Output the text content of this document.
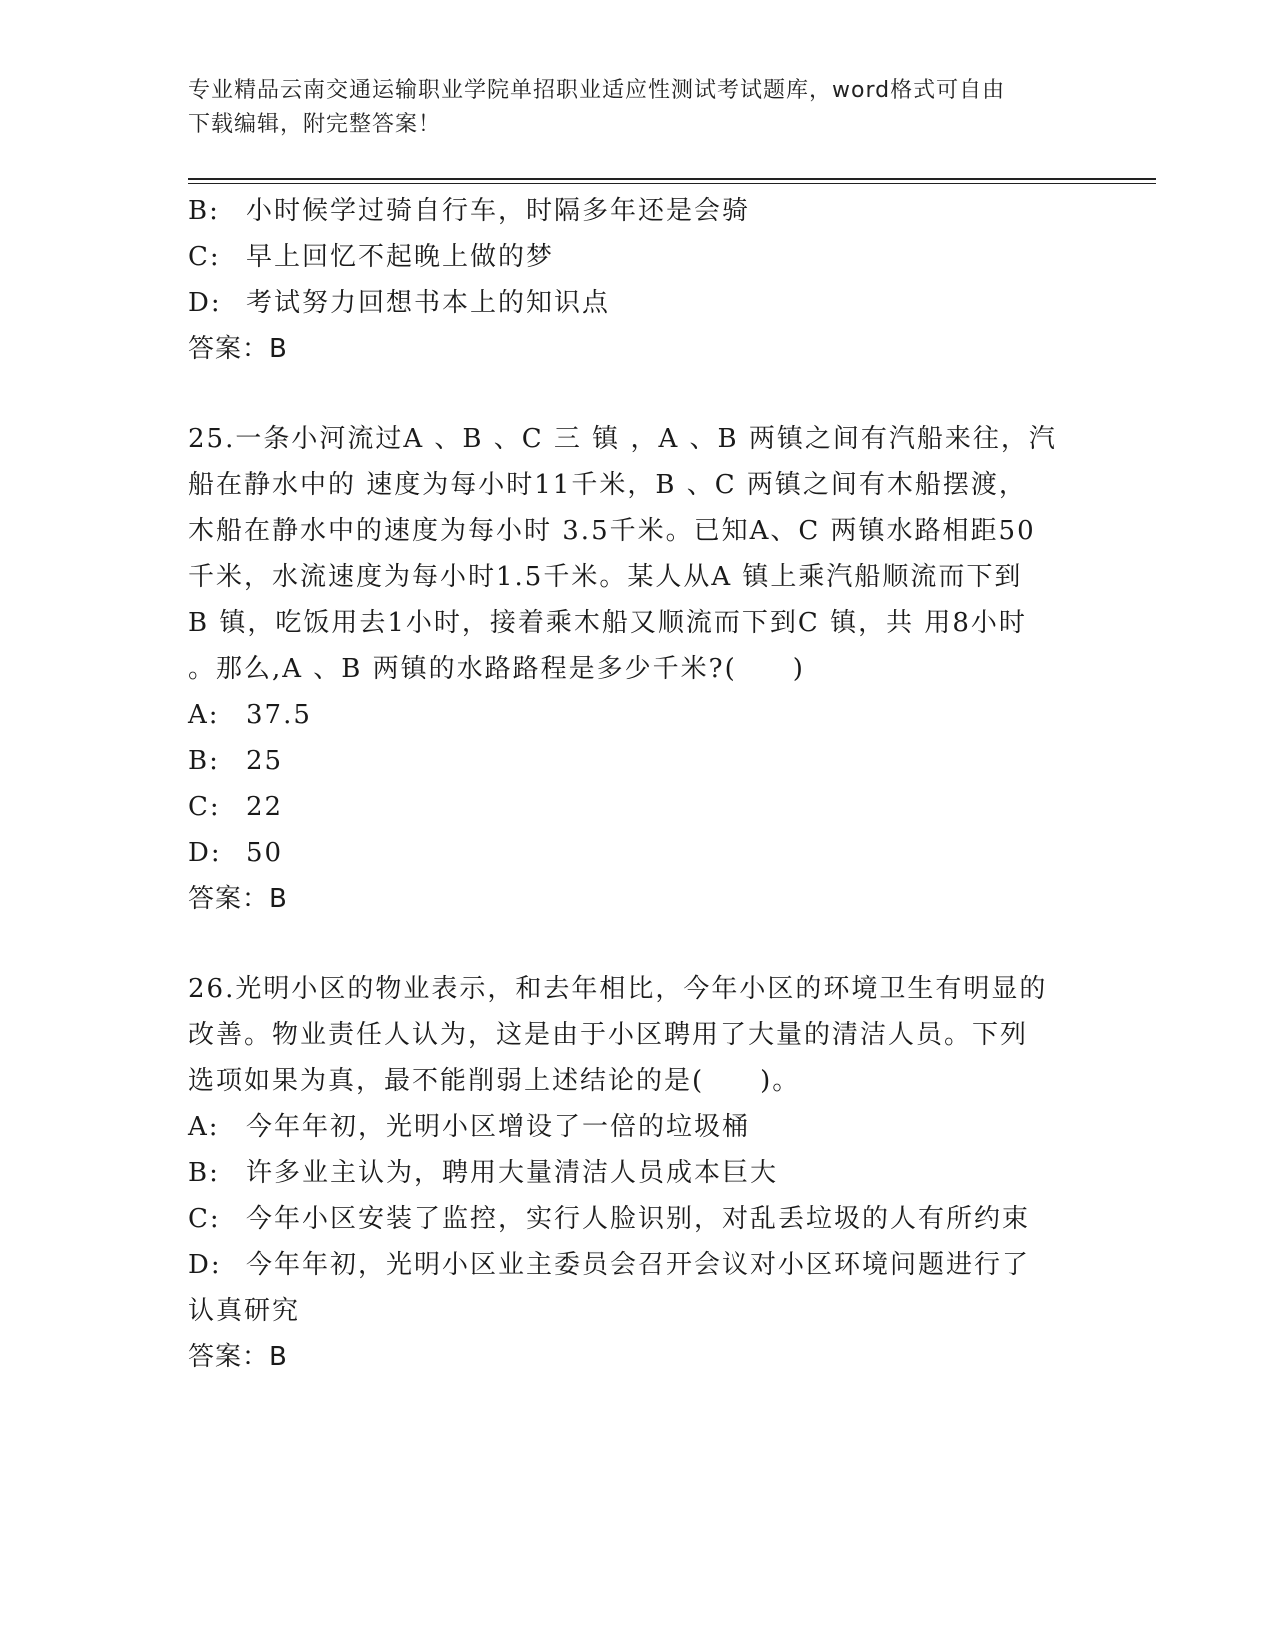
专业精品云南交通运输职业学院单招职业适应性测试考试题库，word格式可自由
下载编辑，附完整答案！
B: 小时候学过骑自行车，时隔多年还是会骑
C: 早上回忆不起晚上做的梦
D: 考试努力回想书本上的知识点
答案：B
25.一条小河流过A 、B 、C 三 镇 ，A 、B 两镇之间有汽船来往，汽
船在静水中的 速度为每小时11千米，B 、C 两镇之间有木船摆渡，
木船在静水中的速度为每小时 3.5千米。已知A、C 两镇水路相距50
千米，水流速度为每小时1.5千米。某人从A 镇上乘汽船顺流而下到
B 镇，吃饭用去1小时，接着乘木船又顺流而下到C 镇，共 用8小时
。那么,A 、B 两镇的水路路程是多少千米?(　　)
A: 37.5
B: 25
C: 22
D: 50
答案：B
26.光明小区的物业表示，和去年相比，今年小区的环境卫生有明显的
改善。物业责任人认为，这是由于小区聘用了大量的清洁人员。下列
选项如果为真，最不能削弱上述结论的是(　　)。
A: 今年年初，光明小区增设了一倍的垃圾桶
B: 许多业主认为，聘用大量清洁人员成本巨大
C: 今年小区安装了监控，实行人脸识别，对乱丢垃圾的人有所约束
D: 今年年初，光明小区业主委员会召开会议对小区环境问题进行了
认真研究
答案：B
